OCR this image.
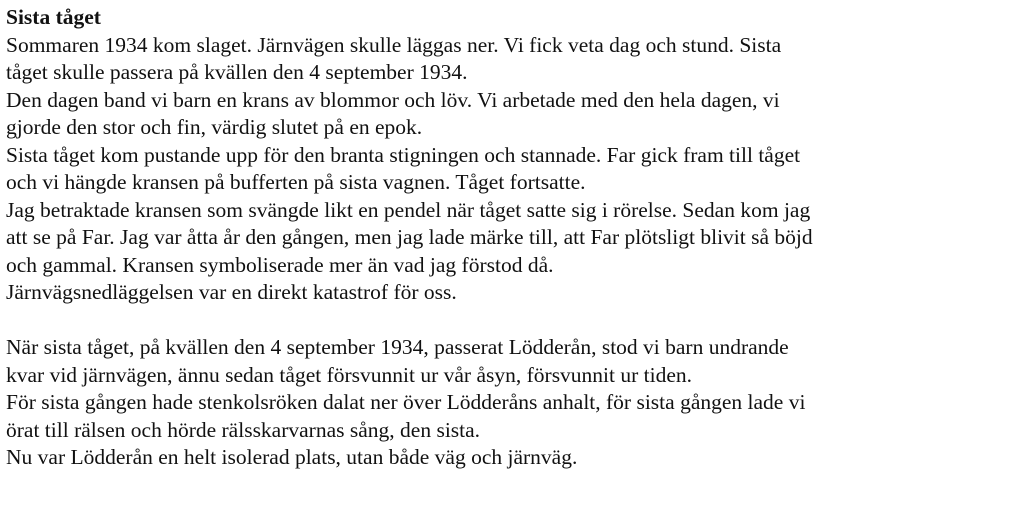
Sista tåget
Sommaren 1934 kom slaget. Järnvägen skulle läggas ner. Vi fick veta dag och stund. Sista
tåget skulle passera på kvällen den 4 september 1934.
Den dagen band vi barn en krans av blommor och löv. Vi arbetade med den hela dagen, vi
gjorde den stor och fin, värdig slutet på en epok.
Sista tåget kom pustande upp för den branta stigningen och stannade. Far gick fram till tåget
och vi hängde kransen på bufferten på sista vagnen. Tåget fortsatte.
Jag betraktade kransen som svängde likt en pendel när tåget satte sig i rörelse. Sedan kom jag
att se på Far. Jag var åtta år den gången, men jag lade märke till, att Far plötsligt blivit så böjd
och gammal. Kransen symboliserade mer än vad jag förstod då.
Järnvägsnedläggelsen var en direkt katastrof för oss.
När sista tåget, på kvällen den 4 september 1934, passerat Lödderån, stod vi barn undrande
kvar vid järnvägen, ännu sedan tåget försvunnit ur vår åsyn, försvunnit ur tiden.
För sista gången hade stenkolsröken dalat ner över Lödderåns anhalt, för sista gången lade vi
örat till rälsen och hörde rälsskarvarnas sång, den sista.
Nu var Lödderån en helt isolerad plats, utan både väg och järnväg.
